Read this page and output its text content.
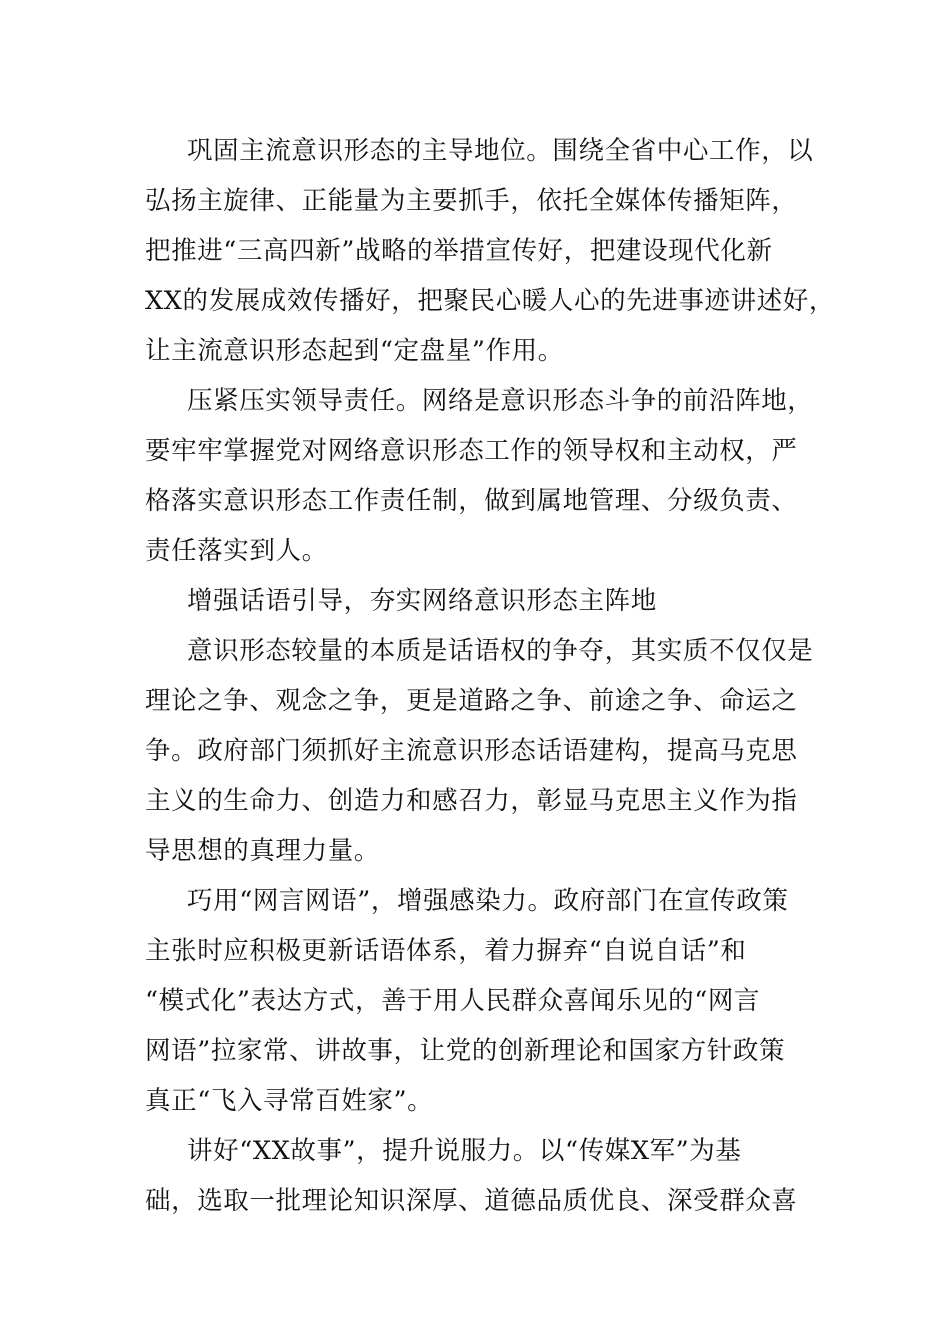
巩固主流意识形态的主导地位。围绕全省中心工作，以
弘扬主旋律、正能量为主要抓手，依托全媒体传播矩阵，
把推进“三高四新”战略的举措宣传好，把建设现代化新
XX的发展成效传播好，把聚民心暖人心的先进事迹讲述好，
让主流意识形态起到“定盘星”作用。
压紧压实领导责任。网络是意识形态斗争的前沿阵地，
要牢牢掌握党对网络意识形态工作的领导权和主动权，严
格落实意识形态工作责任制，做到属地管理、分级负责、
责任落实到人。
增强话语引导，夯实网络意识形态主阵地
意识形态较量的本质是话语权的争夺，其实质不仅仅是
理论之争、观念之争，更是道路之争、前途之争、命运之
争。政府部门须抓好主流意识形态话语建构，提高马克思
主义的生命力、创造力和感召力，彰显马克思主义作为指
导思想的真理力量。
巧用“网言网语”，增强感染力。政府部门在宣传政策
主张时应积极更新话语体系，着力摒弃“自说自话”和
“模式化”表达方式，善于用人民群众喜闻乐见的“网言
网语”拉家常、讲故事，让党的创新理论和国家方针政策
真正“飞入寻常百姓家”。
讲好“XX故事”，提升说服力。以“传媒X军”为基
础，选取一批理论知识深厚、道德品质优良、深受群众喜
